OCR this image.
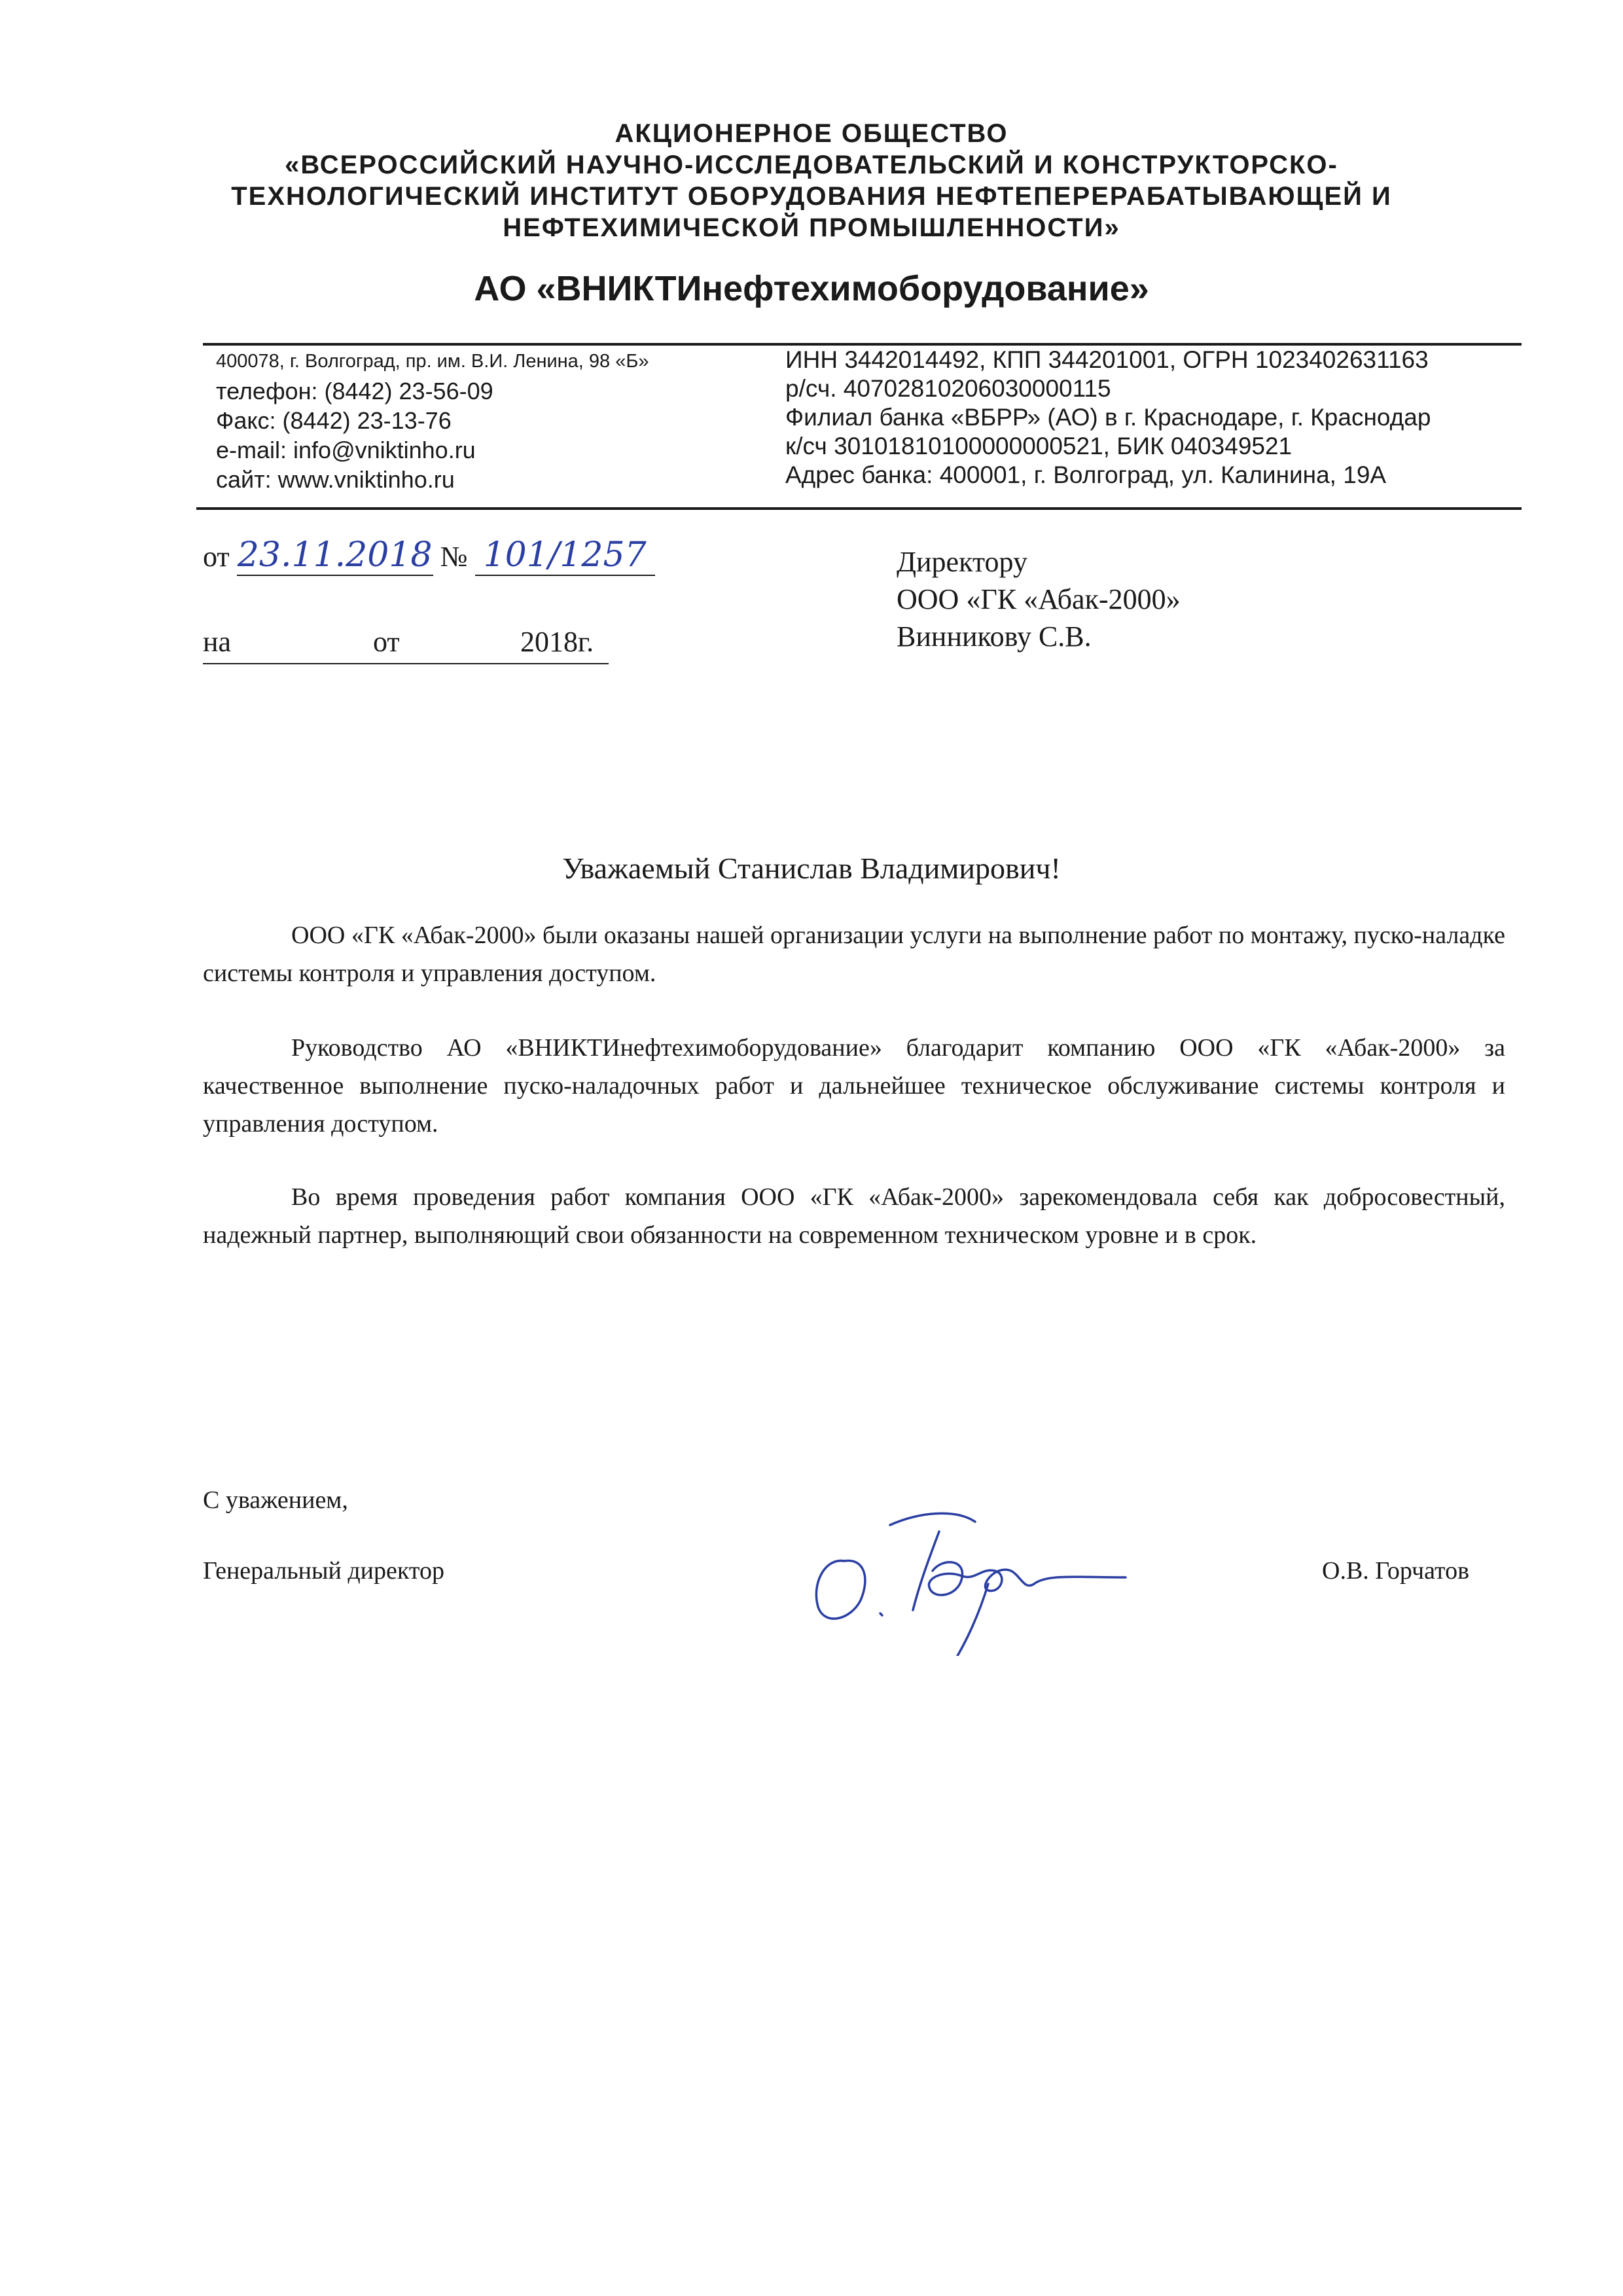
АКЦИОНЕРНОЕ ОБЩЕСТВО
«ВСЕРОССИЙСКИЙ НАУЧНО-ИССЛЕДОВАТЕЛЬСКИЙ И КОНСТРУКТОРСКО-
ТЕХНОЛОГИЧЕСКИЙ ИНСТИТУТ ОБОРУДОВАНИЯ НЕФТЕПЕРЕРАБАТЫВАЮЩЕЙ И
НЕФТЕХИМИЧЕСКОЙ ПРОМЫШЛЕННОСТИ»
АО «ВНИКТИнефтехимоборудование»
400078, г. Волгоград, пр. им. В.И. Ленина, 98 «Б»
телефон: (8442) 23-56-09
Факс: (8442) 23-13-76
e-mail: info@vniktinho.ru
сайт: www.vniktinho.ru
ИНН 3442014492, КПП 344201001, ОГРН 1023402631163
р/сч. 40702810206030000115
Филиал банка «ВБРР» (АО) в г. Краснодаре, г. Краснодар
к/сч 30101810100000000521, БИК 040349521
Адрес банка: 400001, г. Волгоград, ул. Калинина, 19А
от 23.11.2018 № 101/1257
на	от	2018г.
Директору
ООО «ГК «Абак-2000»
Винникову С.В.
Уважаемый Станислав Владимирович!

ООО «ГК «Абак-2000» были оказаны нашей организации услуги на выполнение работ по монтажу, пуско-наладке системы контроля и управления доступом.

Руководство АО «ВНИКТИнефтехимоборудование» благодарит компанию ООО «ГК «Абак-2000» за качественное выполнение пуско-наладочных работ и дальнейшее техническое обслуживание системы контроля и управления доступом.

Во время проведения работ компания ООО «ГК «Абак-2000» зарекомендовала себя как добросовестный, надежный партнер, выполняющий свои обязанности на современном техническом уровне и в срок.

С уважением,
Генеральный директор	О.В. Горчатов
